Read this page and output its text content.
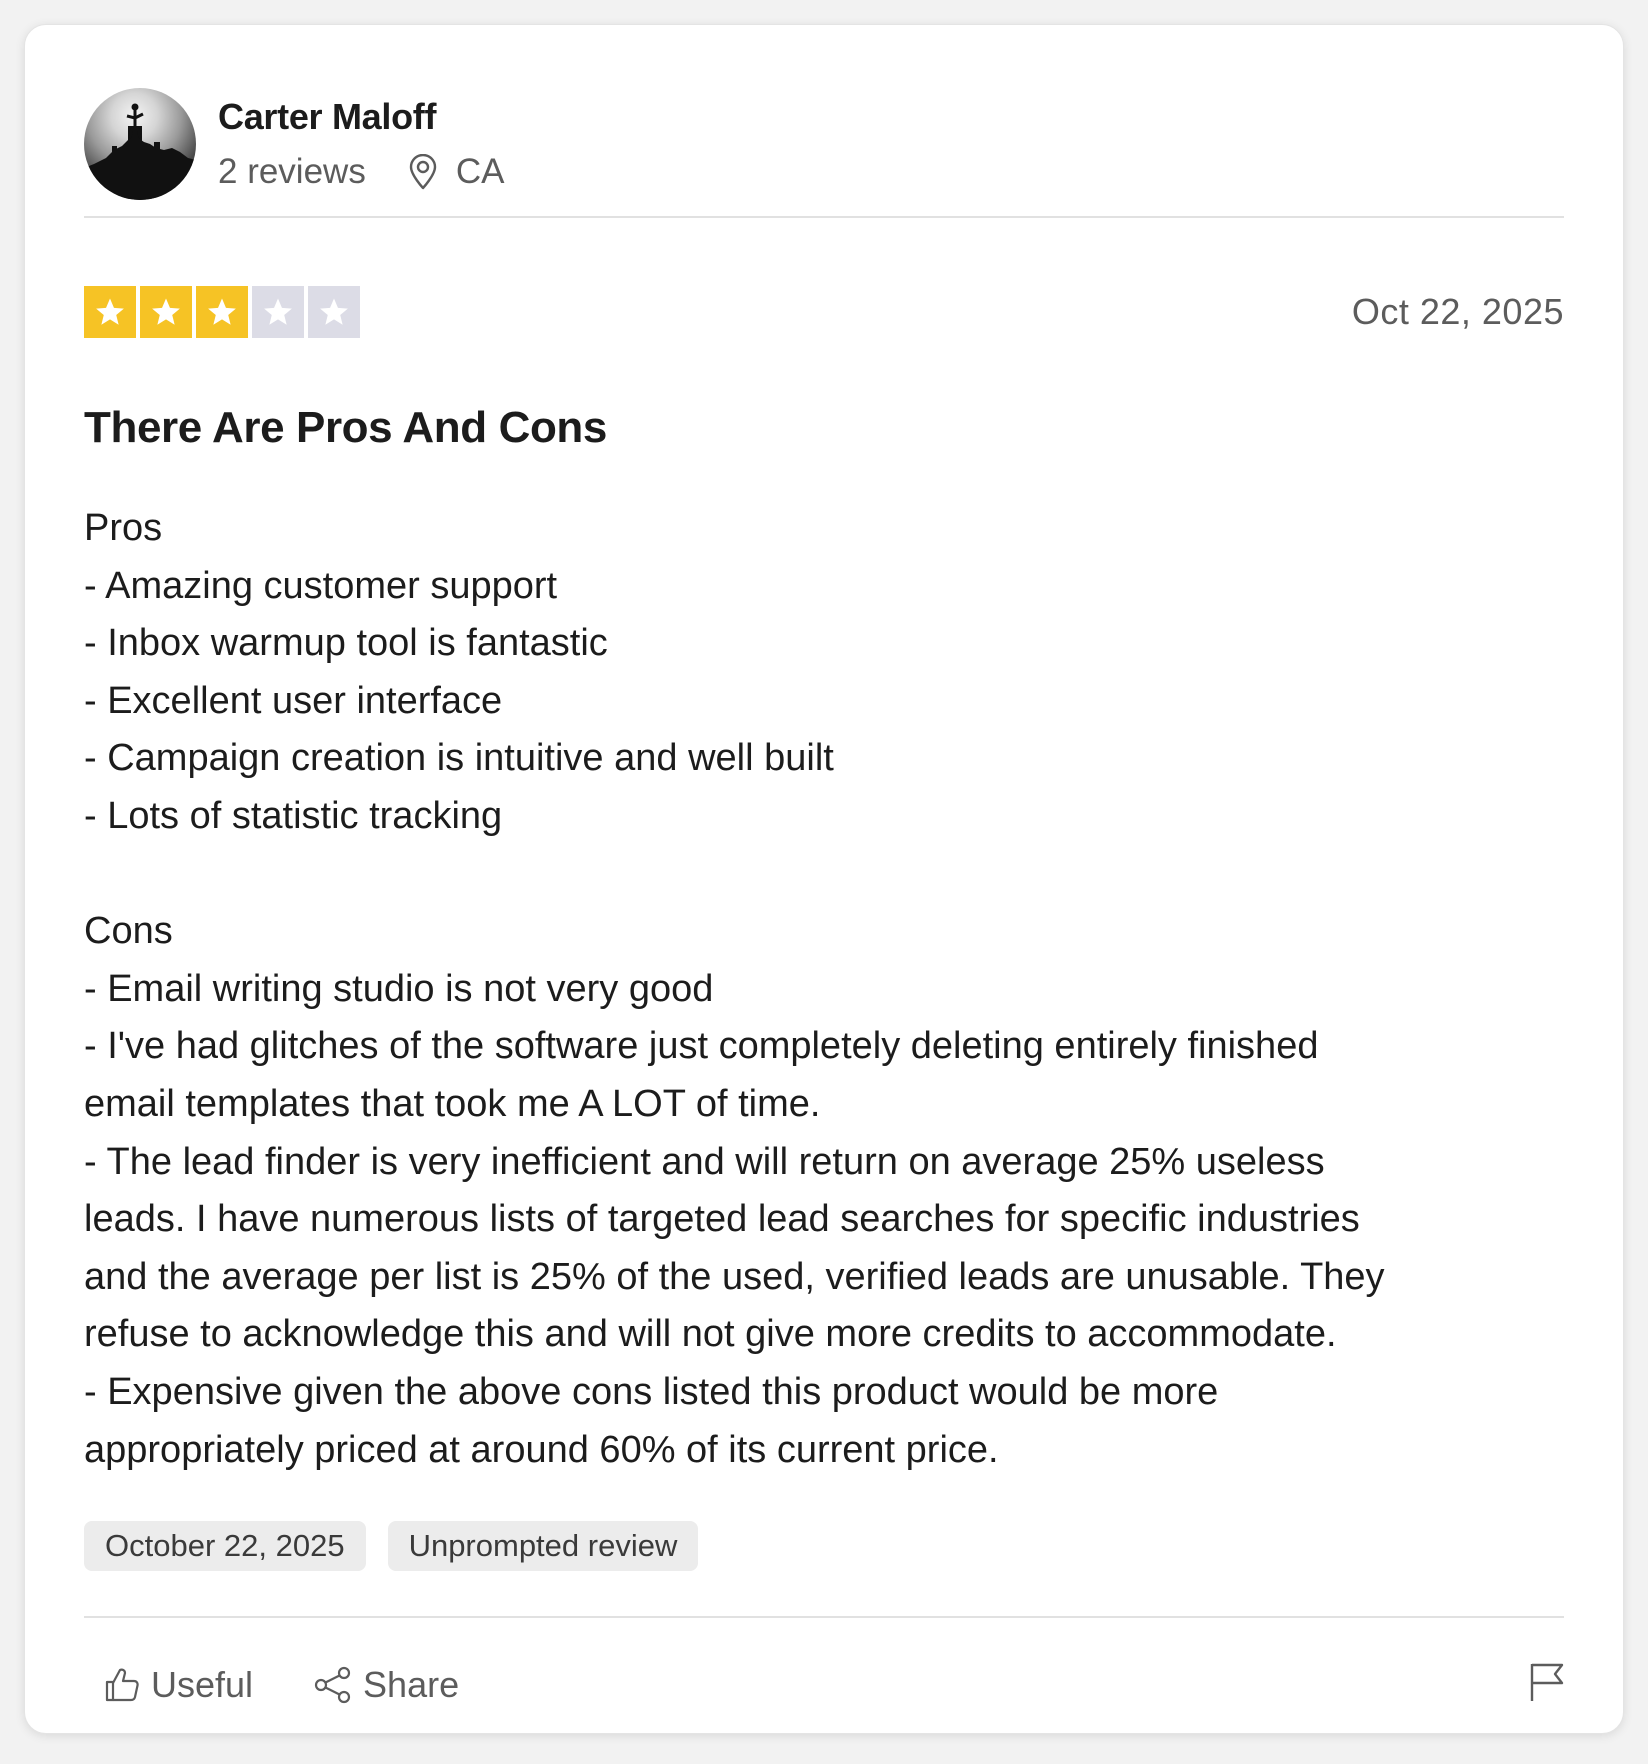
Carter Maloff
2 reviews	CA
Oct 22, 2025
There Are Pros And Cons
Pros
- Amazing customer support
- Inbox warmup tool is fantastic
- Excellent user interface
- Campaign creation is intuitive and well built
- Lots of statistic tracking
Cons
- Email writing studio is not very good
- I've had glitches of the software just completely deleting entirely finished
email templates that took me A LOT of time.
- The lead finder is very inefficient and will return on average 25% useless
leads. I have numerous lists of targeted lead searches for specific industries
and the average per list is 25% of the used, verified leads are unusable. They
refuse to acknowledge this and will not give more credits to accommodate.
- Expensive given the above cons listed this product would be more
appropriately priced at around 60% of its current price.
October 22, 2025	Unprompted review
Useful	Share
